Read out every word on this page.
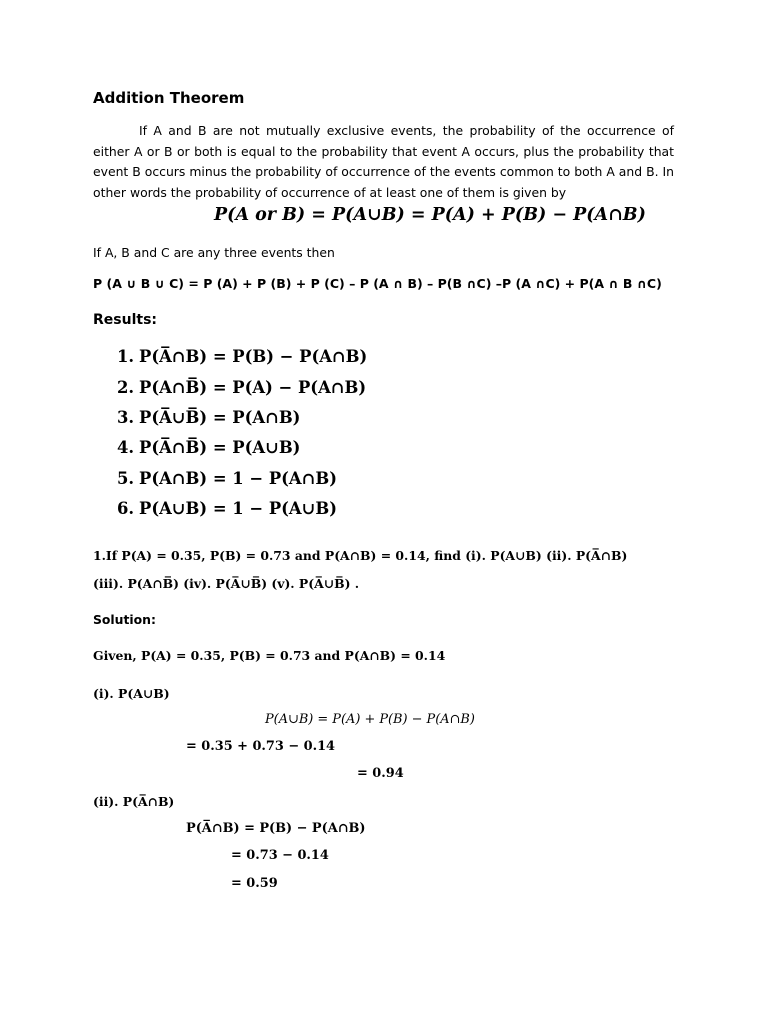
Addition Theorem
If A and B are not mutually exclusive events, the probability of the occurrence of either A or B or both is equal to the probability that event A occurs, plus the probability that event B occurs minus the probability of occurrence of the events common to both A and B. In other words the probability of occurrence of at least one of them is given by
P(A or B) = P(A∪B) = P(A) + P(B) − P(A∩B)
If A, B and C are any three events then
P (A ∪ B ∪ C) = P (A) + P (B) + P (C) – P (A ∩ B) – P(B ∩C) –P (A ∩C) + P(A ∩ B ∩C)
Results:
1. P(A̅∩B) = P(B) − P(A∩B)
2. P(A∩B̅) = P(A) − P(A∩B)
3. P(A̅∪B̅) = P(A∩B)
4. P(A̅∩B̅) = P(A∪B)
5. P(A∩B) = 1 − P(A∩B)
6. P(A∪B) = 1 − P(A∪B)
1.If P(A) = 0.35, P(B) = 0.73 and P(A∩B) = 0.14, find (i). P(A∪B) (ii). P(A̅∩B)
(iii). P(A∩B̅) (iv). P(A̅∪B̅) (v). P(A̅∪B̅) .
Solution:
Given, P(A) = 0.35, P(B) = 0.73 and P(A∩B) = 0.14
(i). P(A∪B)
P(A∪B) = P(A) + P(B) − P(A∩B)
= 0.35 + 0.73 − 0.14
= 0.94
(ii). P(A̅∩B)
P(A̅∩B) = P(B) − P(A∩B)
= 0.73 − 0.14
= 0.59
